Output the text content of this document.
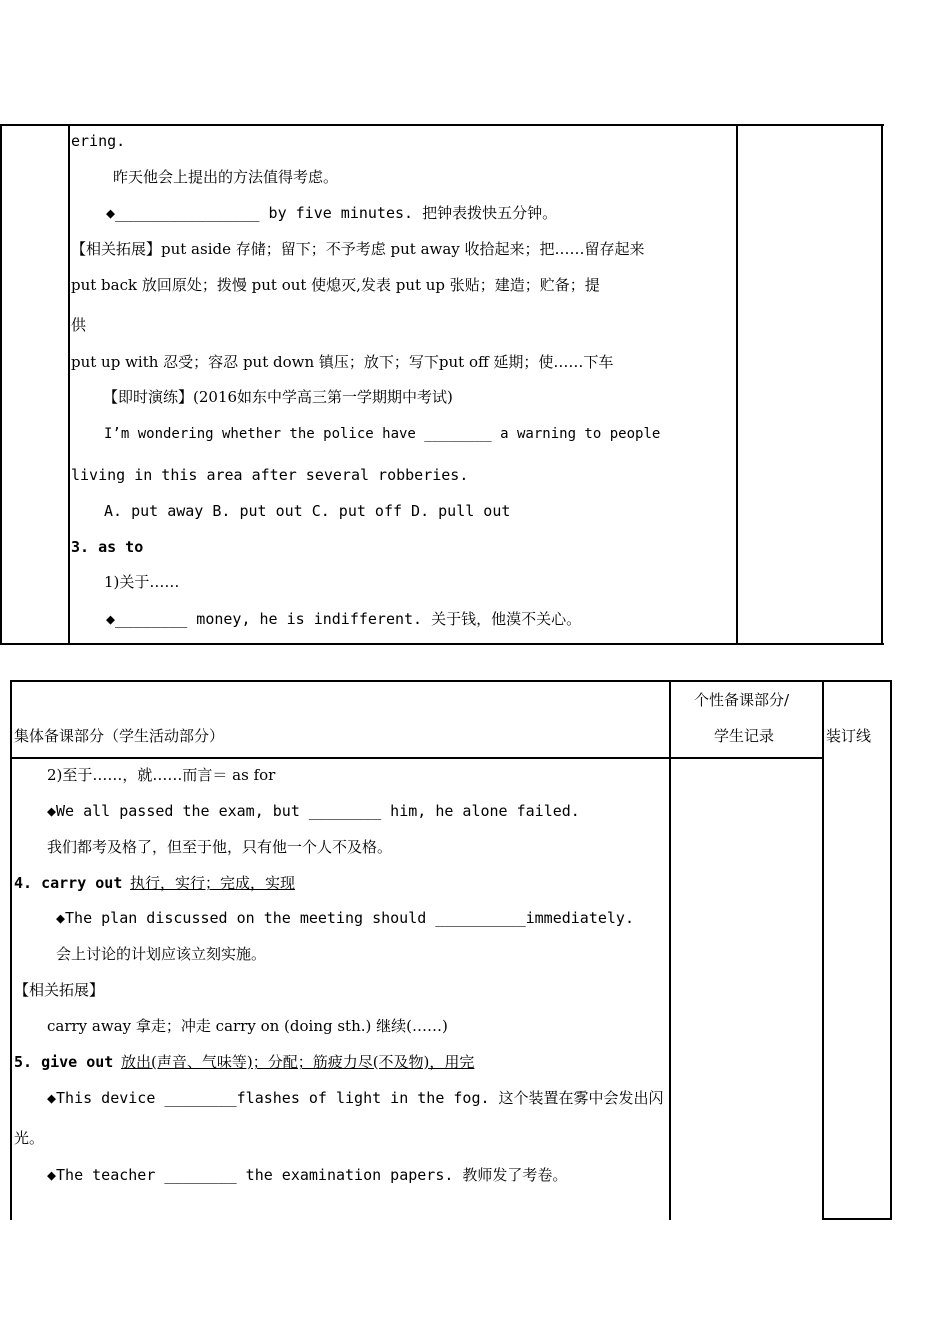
ering.
昨天他会上提出的方法值得考虑。
◆________________ by five minutes. 把钟表拨快五分钟。
【相关拓展】put aside 存储；留下；不予考虑 put away 收拾起来；把……留存起来
put back 放回原处；拨慢 put out 使熄灭,发表 put up 张贴；建造；贮备；提
供
put up with 忍受；容忍 put down 镇压；放下；写下put off 延期；使……下车
【即时演练】(2016如东中学高三第一学期期中考试)
I’m wondering whether the police have ________ a warning to people
living in this area after several robberies.
A. put away B. put out C. put off D. pull out
3. as to
1)关于……
◆________ money, he is indifferent. 关于钱，他漠不关心。
集体备课部分（学生活动部分）
个性备课部分/
学生记录	装订线
2)至于……，就……而言＝ as for
◆We all passed the exam, but ________ him, he alone failed.
我们都考及格了，但至于他，只有他一个人不及格。
4. carry out 执行，实行；完成，实现
◆The plan discussed on the meeting should __________immediately.
会上讨论的计划应该立刻实施。
【相关拓展】
carry away 拿走；冲走 carry on (doing sth.) 继续(……)
5. give out 放出(声音、气味等)；分配；筋疲力尽(不及物)，用完
◆This device ________flashes of light in the fog. 这个装置在雾中会发出闪
光。
◆The teacher ________ the examination papers. 教师发了考卷。
